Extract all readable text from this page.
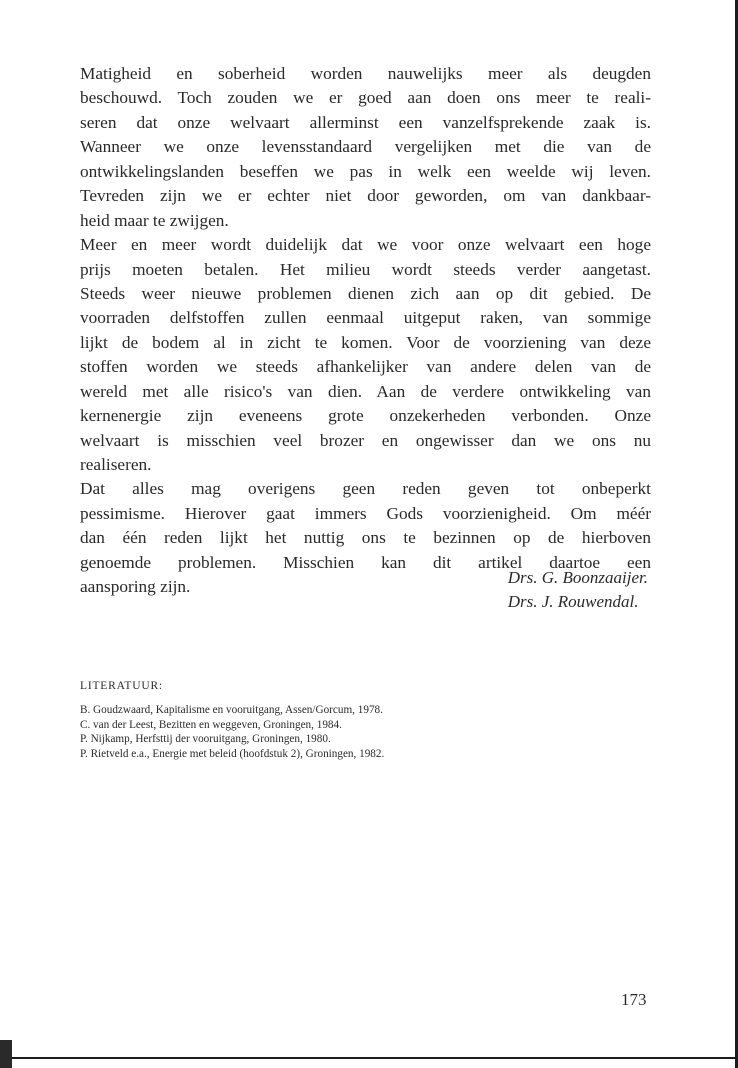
Matigheid en soberheid worden nauwelijks meer als deugden
beschouwd. Toch zouden we er goed aan doen ons meer te reali-
seren dat onze welvaart allerminst een vanzelfsprekende zaak is.
Wanneer we onze levensstandaard vergelijken met die van de
ontwikkelingslanden beseffen we pas in welk een weelde wij leven.
Tevreden zijn we er echter niet door geworden, om van dankbaar-
heid maar te zwijgen.
Meer en meer wordt duidelijk dat we voor onze welvaart een hoge
prijs moeten betalen. Het milieu wordt steeds verder aangetast.
Steeds weer nieuwe problemen dienen zich aan op dit gebied. De
voorraden delfstoffen zullen eenmaal uitgeput raken, van sommige
lijkt de bodem al in zicht te komen. Voor de voorziening van deze
stoffen worden we steeds afhankelijker van andere delen van de
wereld met alle risico's van dien. Aan de verdere ontwikkeling van
kernenergie zijn eveneens grote onzekerheden verbonden. Onze
welvaart is misschien veel brozer en ongewisser dan we ons nu
realiseren.
Dat alles mag overigens geen reden geven tot onbeperkt
pessimisme. Hierover gaat immers Gods voorzienigheid. Om méér
dan één reden lijkt het nuttig ons te bezinnen op de hierboven
genoemde problemen. Misschien kan dit artikel daartoe een
aansporing zijn.	Drs. G. Boonzaaijer.
Drs. J. Rouwendal.
LITERATUUR:
B. Goudzwaard, Kapitalisme en vooruitgang, Assen/Gorcum, 1978.
C. van der Leest, Bezitten en weggeven, Groningen, 1984.
P. Nijkamp, Herfsttij der vooruitgang, Groningen, 1980.
P. Rietveld e.a., Energie met beleid (hoofdstuk 2), Groningen, 1982.
173
